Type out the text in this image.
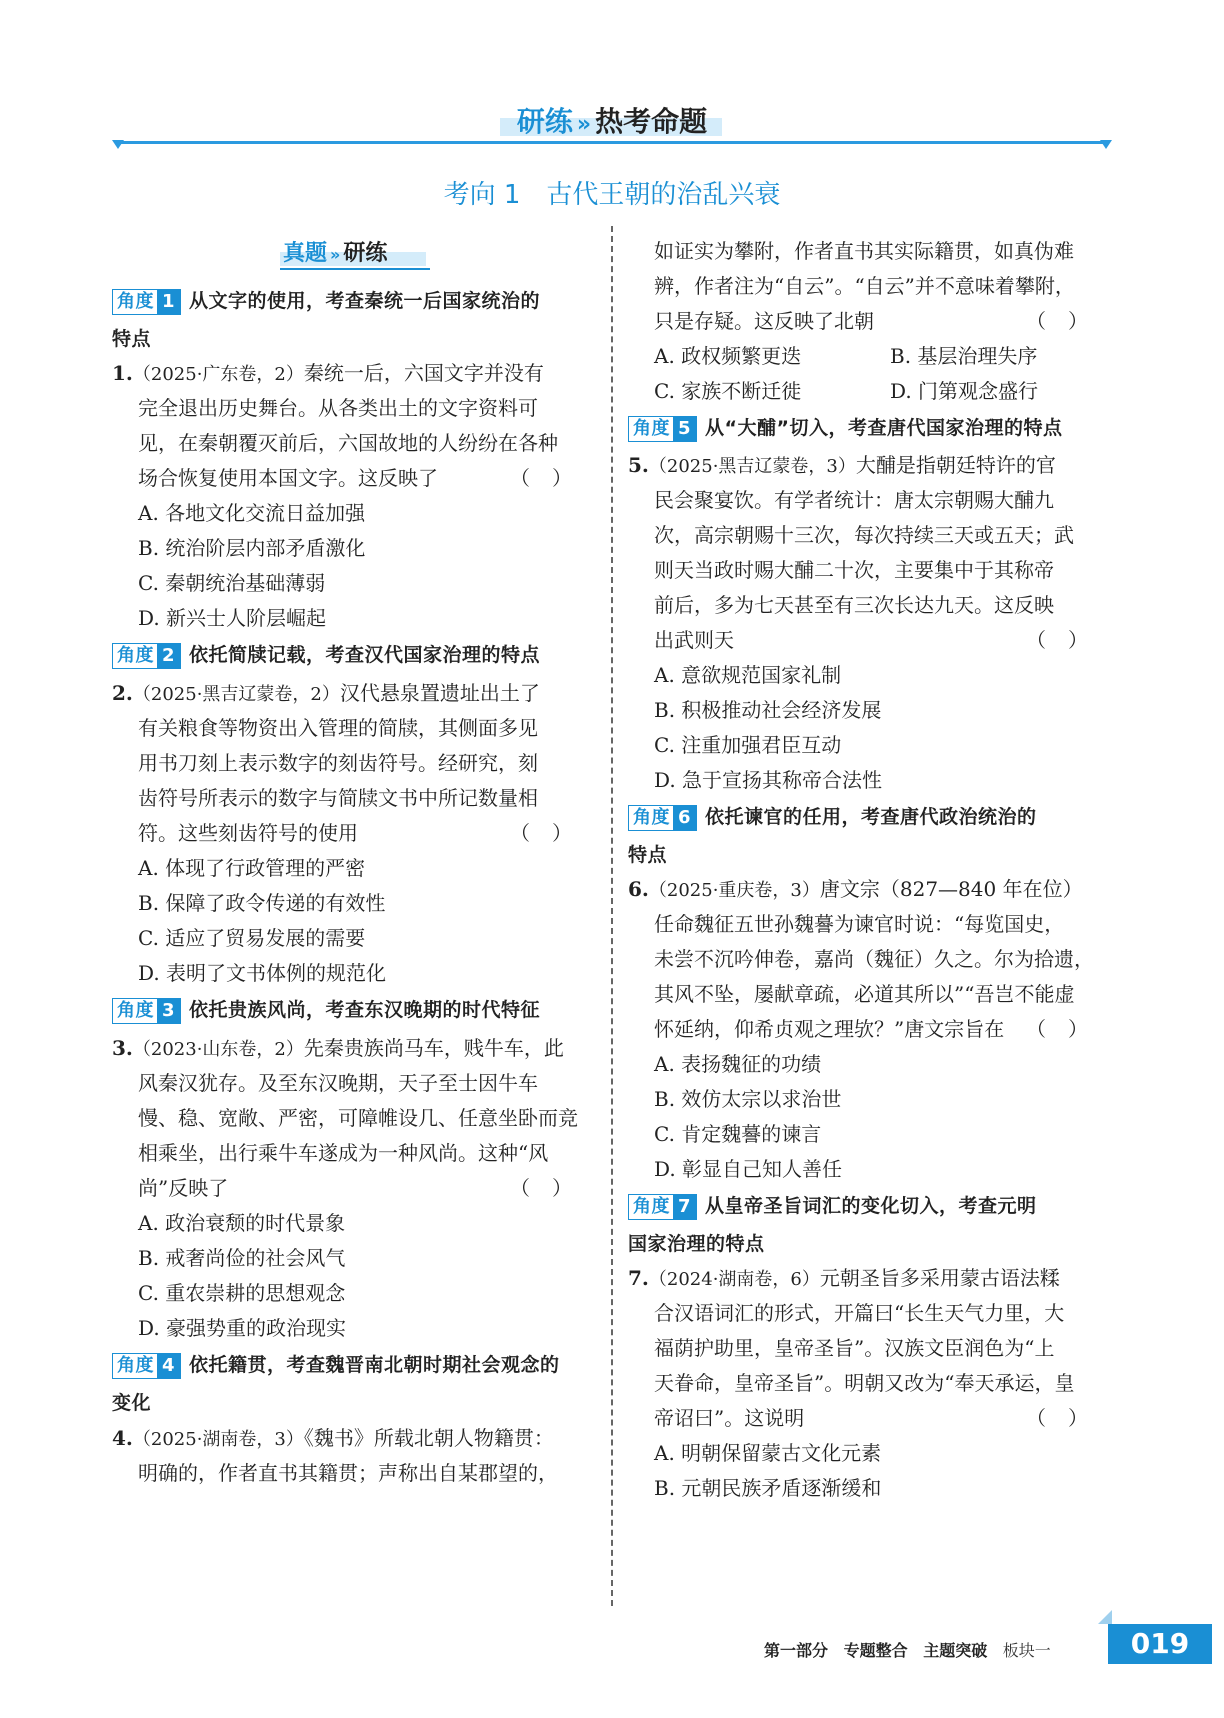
研练 » 热考命题
考向 1 古代王朝的治乱兴衰
真题 » 研练
角度 1 从文字的使用，考查秦统一后国家统治的
特点
1.（2025·广东卷，2）秦统一后，六国文字并没有
完全退出历史舞台。从各类出土的文字资料可
见，在秦朝覆灭前后，六国故地的人纷纷在各种
场合恢复使用本国文字。这反映了	（）
A. 各地文化交流日益加强
B. 统治阶层内部矛盾激化
C. 秦朝统治基础薄弱
D. 新兴士人阶层崛起
角度 2 依托简牍记载，考查汉代国家治理的特点
2.（2025·黑吉辽蒙卷，2）汉代悬泉置遗址出土了
有关粮食等物资出入管理的简牍，其侧面多见
用书刀刻上表示数字的刻齿符号。经研究，刻
齿符号所表示的数字与简牍文书中所记数量相
符。这些刻齿符号的使用	（）
A. 体现了行政管理的严密
B. 保障了政令传递的有效性
C. 适应了贸易发展的需要
D. 表明了文书体例的规范化
角度 3 依托贵族风尚，考查东汉晚期的时代特征
3.（2023·山东卷，2）先秦贵族尚马车，贱牛车，此
风秦汉犹存。及至东汉晚期，天子至士因牛车
慢、稳、宽敞、严密，可障帷设几、任意坐卧而竞
相乘坐，出行乘牛车遂成为一种风尚。这种“风
尚”反映了	（）
A. 政治衰颓的时代景象
B. 戒奢尚俭的社会风气
C. 重农崇耕的思想观念
D. 豪强势重的政治现实
角度 4 依托籍贯，考查魏晋南北朝时期社会观念的
变化
4.（2025·湖南卷，3）《魏书》所载北朝人物籍贯：
明确的，作者直书其籍贯；声称出自某郡望的，
如证实为攀附，作者直书其实际籍贯，如真伪难
辨，作者注为“自云”。“自云”并不意味着攀附，
只是存疑。这反映了北朝	（）
A. 政权频繁更迭	B. 基层治理失序
C. 家族不断迁徙	D. 门第观念盛行
角度 5 从“大酺”切入，考查唐代国家治理的特点
5.（2025·黑吉辽蒙卷，3）大酺是指朝廷特许的官
民会聚宴饮。有学者统计：唐太宗朝赐大酺九
次，高宗朝赐十三次，每次持续三天或五天；武
则天当政时赐大酺二十次，主要集中于其称帝
前后，多为七天甚至有三次长达九天。这反映
出武则天	（）
A. 意欲规范国家礼制
B. 积极推动社会经济发展
C. 注重加强君臣互动
D. 急于宣扬其称帝合法性
角度 6 依托谏官的任用，考查唐代政治统治的
特点
6.（2025·重庆卷，3）唐文宗（827—840 年在位）
任命魏征五世孙魏謩为谏官时说：“每览国史，
未尝不沉吟伸卷，嘉尚（魏征）久之。尔为拾遗，
其风不坠，屡献章疏，必道其所以”“吾岂不能虚
怀延纳，仰希贞观之理欤？”唐文宗旨在 （）
A. 表扬魏征的功绩
B. 效仿太宗以求治世
C. 肯定魏謩的谏言
D. 彰显自己知人善任
角度 7 从皇帝圣旨词汇的变化切入，考查元明
国家治理的特点
7.（2024·湖南卷，6）元朝圣旨多采用蒙古语法糅
合汉语词汇的形式，开篇曰“长生天气力里，大
福荫护助里，皇帝圣旨”。汉族文臣润色为“上
天眷命，皇帝圣旨”。明朝又改为“奉天承运，皇
帝诏曰”。这说明	（）
A. 明朝保留蒙古文化元素
B. 元朝民族矛盾逐渐缓和
第一部分 专题整合 主题突破 板块一	019
